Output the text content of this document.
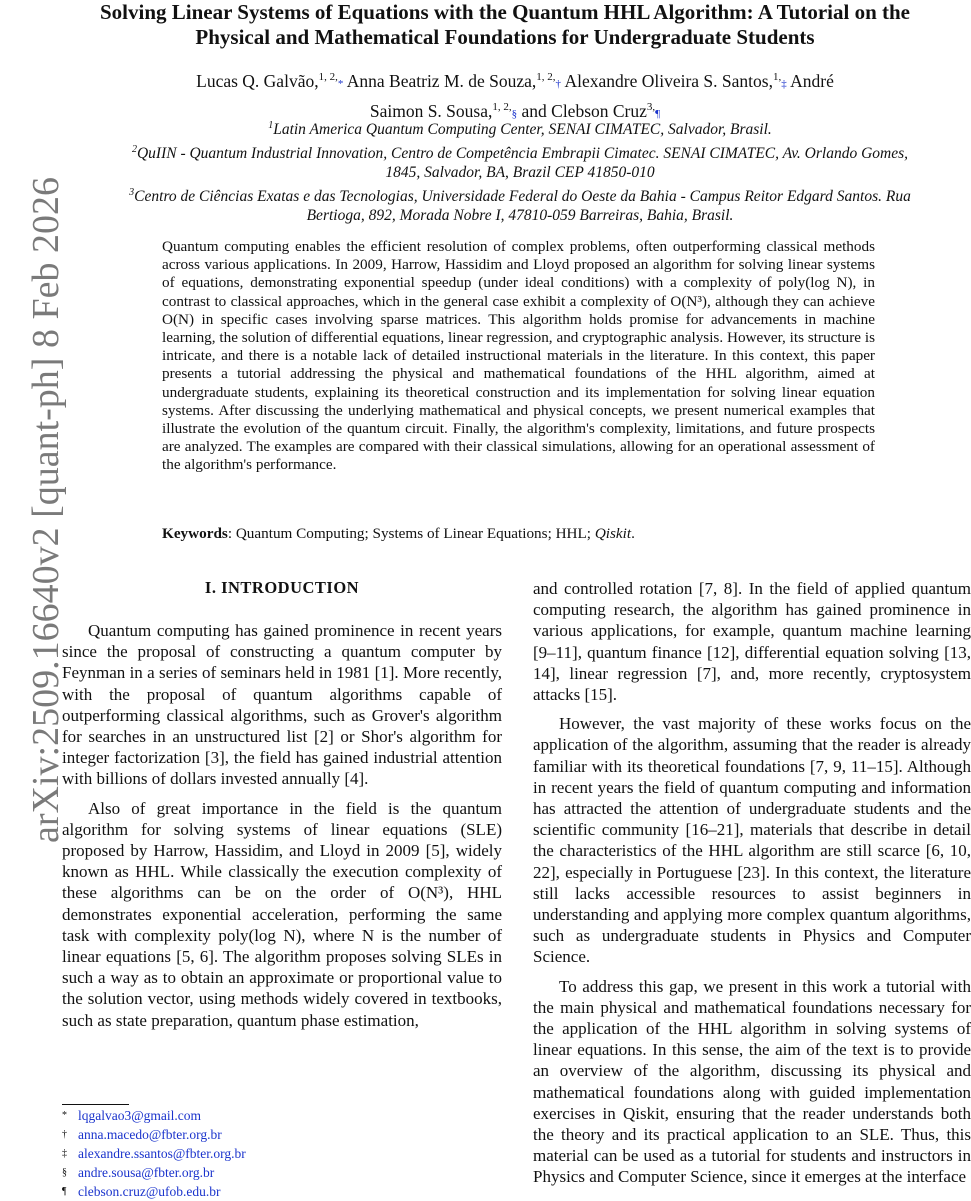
arXiv:2509.16640v2 [quant-ph] 8 Feb 2026
Solving Linear Systems of Equations with the Quantum HHL Algorithm: A Tutorial on the Physical and Mathematical Foundations for Undergraduate Students
Lucas Q. Galvão,$^{1, 2,}$* Anna Beatriz M. de Souza,$^{1, 2,}$† Alexandre Oliveira S. Santos,$^{1,}$‡ André Saimon S. Sousa,$^{1, 2,}$§ and Clebson Cruz$^{3,}$¶
$^1$Latin America Quantum Computing Center, SENAI CIMATEC, Salvador, Brasil.
$^2$QuIIN - Quantum Industrial Innovation, Centro de Competência Embrapii Cimatec. SENAI CIMATEC, Av. Orlando Gomes, 1845, Salvador, BA, Brazil CEP 41850-010
$^3$Centro de Ciências Exatas e das Tecnologias, Universidade Federal do Oeste da Bahia - Campus Reitor Edgard Santos. Rua Bertioga, 892, Morada Nobre I, 47810-059 Barreiras, Bahia, Brasil.
Quantum computing enables the efficient resolution of complex problems, often outperforming classical methods across various applications. In 2009, Harrow, Hassidim and Lloyd proposed an algorithm for solving linear systems of equations, demonstrating exponential speedup (under ideal conditions) with a complexity of poly(log N), in contrast to classical approaches, which in the general case exhibit a complexity of O(N³), although they can achieve O(N) in specific cases involving sparse matrices. This algorithm holds promise for advancements in machine learning, the solution of differential equations, linear regression, and cryptographic analysis. However, its structure is intricate, and there is a notable lack of detailed instructional materials in the literature. In this context, this paper presents a tutorial addressing the physical and mathematical foundations of the HHL algorithm, aimed at undergraduate students, explaining its theoretical construction and its implementation for solving linear equation systems. After discussing the underlying mathematical and physical concepts, we present numerical examples that illustrate the evolution of the quantum circuit. Finally, the algorithm's complexity, limitations, and future prospects are analyzed. The examples are compared with their classical simulations, allowing for an operational assessment of the algorithm's performance.
Keywords: Quantum Computing; Systems of Linear Equations; HHL; Qiskit.
I. INTRODUCTION

Quantum computing has gained prominence in recent years since the proposal of constructing a quantum computer by Feynman in a series of seminars held in 1981 [1]. More recently, with the proposal of quantum algorithms capable of outperforming classical algorithms, such as Grover's algorithm for searches in an unstructured list [2] or Shor's algorithm for integer factorization [3], the field has gained industrial attention with billions of dollars invested annually [4].

Also of great importance in the field is the quantum algorithm for solving systems of linear equations (SLE) proposed by Harrow, Hassidim, and Lloyd in 2009 [5], widely known as HHL. While classically the execution complexity of these algorithms can be on the order of O(N³), HHL demonstrates exponential acceleration, performing the same task with complexity poly(log N), where N is the number of linear equations [5, 6]. The algorithm proposes solving SLEs in such a way as to obtain an approximate or proportional value to the solution vector, using methods widely covered in textbooks, such as state preparation, quantum phase estimation,

and controlled rotation [7, 8]. In the field of applied quantum computing research, the algorithm has gained prominence in various applications, for example, quantum machine learning [9–11], quantum finance [12], differential equation solving [13, 14], linear regression [7], and, more recently, cryptosystem attacks [15].

However, the vast majority of these works focus on the application of the algorithm, assuming that the reader is already familiar with its theoretical foundations [7, 9, 11–15]. Although in recent years the field of quantum computing and information has attracted the attention of undergraduate students and the scientific community [16–21], materials that describe in detail the characteristics of the HHL algorithm are still scarce [6, 10, 22], especially in Portuguese [23]. In this context, the literature still lacks accessible resources to assist beginners in understanding and applying more complex quantum algorithms, such as undergraduate students in Physics and Computer Science.

To address this gap, we present in this work a tutorial with the main physical and mathematical foundations necessary for the application of the HHL algorithm in solving systems of linear equations. In this sense, the aim of the text is to provide an overview of the algorithm, discussing its physical and mathematical foundations along with guided implementation exercises in Qiskit, ensuring that the reader understands both the theory and its practical application to an SLE. Thus, this material can be used as a tutorial for students and instructors in Physics and Computer Science, since it emerges at the interface

* lqgalvao3@gmail.com
† anna.macedo@fbter.org.br
‡ alexandre.ssantos@fbter.org.br
§ andre.sousa@fbter.org.br
¶ clebson.cruz@ufob.edu.br
